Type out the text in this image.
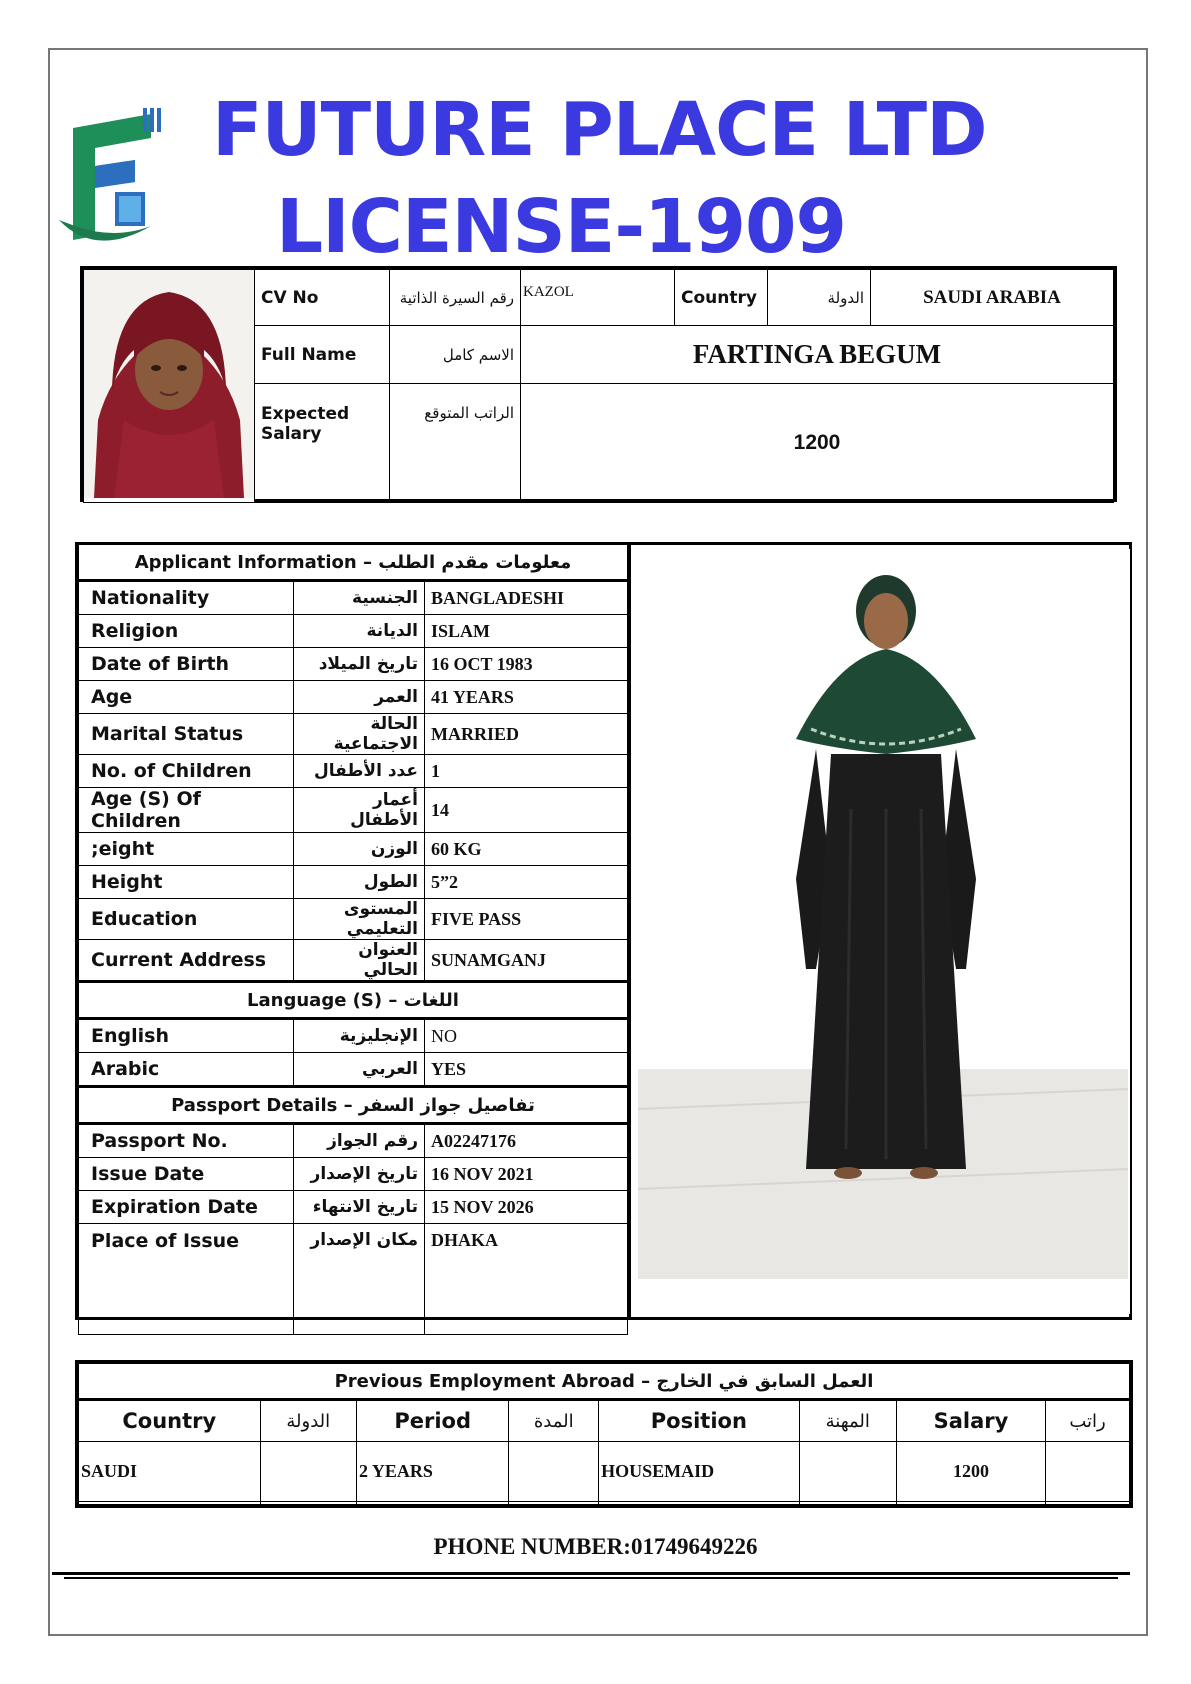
FUTURE PLACE LTD
LICENSE-1909
	CV No	رقم السيرة الذاتية	KAZOL	Country	الدولة	SAUDI ARABIA
	Full Name	الاسم كامل	FARTINGA BEGUM			
	Expected Salary	الراتب المتوقع	1200			
Applicant Information – معلومات مقدم الطلب		
Nationality	الجنسية	BANGLADESHI
Religion	الديانة	ISLAM
Date of Birth	تاريخ الميلاد	16 OCT 1983
Age	العمر	41 YEARS
Marital Status	الحالة الاجتماعية	MARRIED
No. of Children	عدد الأطفال	1
Age (S) Of Children	أعمار الأطفال	14
;eight	الوزن	60 KG
Height	الطول	5”2
Education	المستوى التعليمي	FIVE PASS
Current Address	العنوان الحالي	SUNAMGANJ
Language (S) – اللغات		
English	الإنجليزية	NO
Arabic	العربي	YES
Passport Details – تفاصيل جواز السفر		
Passport No.	رقم الجواز	A02247176
Issue Date	تاريخ الإصدار	16 NOV 2021
Expiration Date	تاريخ الانتهاء	15 NOV 2026
Place of Issue	مكان الإصدار	DHAKA
Previous Employment Abroad – العمل السابق في الخارج							
Country	الدولة	Period	المدة	Position	المهنة	Salary	راتب
SAUDI		2 YEARS		HOUSEMAID		1200	

PHONE NUMBER:01749649226
